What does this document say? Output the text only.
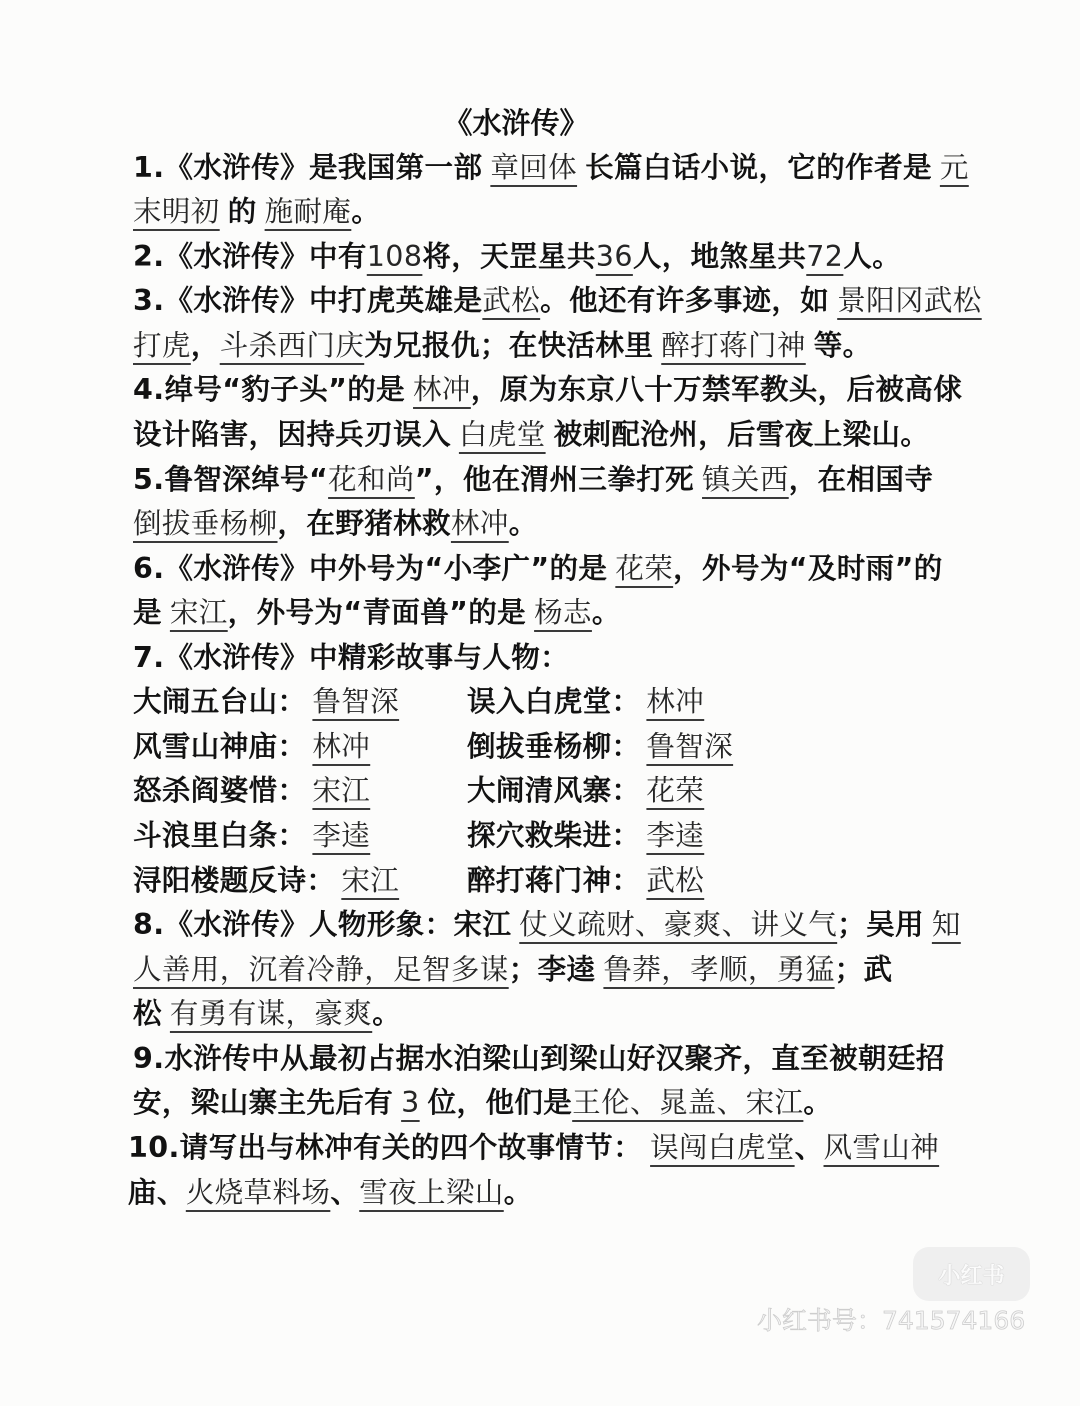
《水浒传》
1.《水浒传》是我国第一部 章回体 长篇白话小说，它的作者是 元
末明初 的 施耐庵 。
2.《水浒传》中有 108 将，天罡星共 36 人，地煞星共 72 人。
3.《水浒传》中打虎英雄是 武松 。他还有许多事迹，如 景阳冈武松
打虎 ， 斗杀西门庆 为兄报仇；在快活林里 醉打蒋门神 等。
4.绰号“豹子头”的是 林冲 ，原为东京八十万禁军教头，后被高俅
设计陷害，因持兵刃误入 白虎堂 被刺配沧州，后雪夜上梁山。
5.鲁智深绰号“ 花和尚 ”，他在渭州三拳打死 镇关西 ，在相国寺
倒拔垂杨柳 ，在野猪林救 林冲 。
6.《水浒传》中外号为“小李广”的是 花荣 ，外号为“及时雨”的
是 宋江 ，外号为“青面兽”的是 杨志 。
7.《水浒传》中精彩故事与人物：
大闹五台山： 鲁智深 误入白虎堂： 林冲
风雪山神庙： 林冲	倒拔垂杨柳： 鲁智深
怒杀阎婆惜： 宋江	大闹清风寨： 花荣
斗浪里白条： 李逵	探穴救柴进： 李逵
浔阳楼题反诗： 宋江 醉打蒋门神： 武松
8.《水浒传》人物形象：宋江 仗义疏财、豪爽、讲义气 ；吴用 知
人善用，沉着冷静，足智多谋 ；李逵 鲁莽，孝顺，勇猛 ；武
松 有勇有谋，豪爽 。
9.水浒传中从最初占据水泊梁山到梁山好汉聚齐，直至被朝廷招
安，梁山寨主先后有 3 位，他们是 王伦、晁盖、宋江 。
10.请写出与林冲有关的四个故事情节： 误闯白虎堂 、 风雪山神
庙 、 火烧草料场 、 雪夜上梁山 。
小红书
小红书号：741574166
